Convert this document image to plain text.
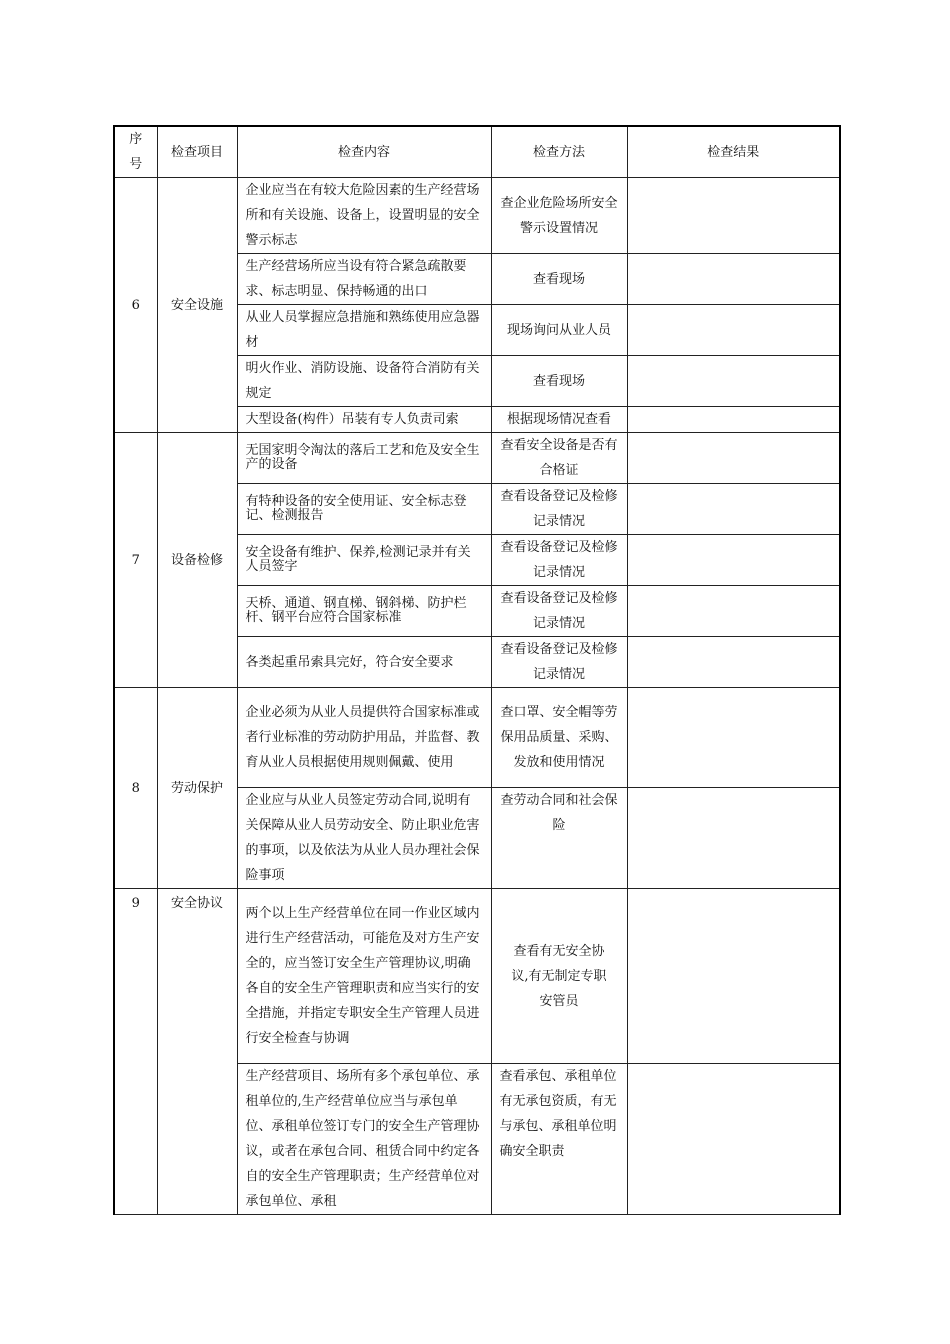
序号	检查项目	检查内容	检查方法	检查结果
6	安全设施	企业应当在有较大危险因素的生产经营场所和有关设施、设备上，设置明显的安全警示标志	查企业危险场所安全警示设置情况	
		生产经营场所应当设有符合紧急疏散要求、标志明显、保持畅通的出口	查看现场	
		从业人员掌握应急措施和熟练使用应急器材	现场询问从业人员	
		明火作业、消防设施、设备符合消防有关规定	查看现场	
		大型设备(构件）吊装有专人负责司索	根据现场情况查看	
7	设备检修	无国家明令淘汰的落后工艺和危及安全生产的设备	查看安全设备是否有合格证	
		有特种设备的安全使用证、安全标志登记、检测报告	查看设备登记及检修记录情况	
		安全设备有维护、保养,检测记录并有关人员签字	查看设备登记及检修记录情况	
		天桥、通道、钢直梯、钢斜梯、防护栏杆、钢平台应符合国家标准	查看设备登记及检修记录情况	
		各类起重吊索具完好，符合安全要求	查看设备登记及检修记录情况	
8	劳动保护	企业必须为从业人员提供符合国家标准或者行业标准的劳动防护用品，并监督、教育从业人员根据使用规则佩戴、使用	查口罩、安全帽等劳保用品质量、采购、发放和使用情况	
		企业应与从业人员签定劳动合同,说明有关保障从业人员劳动安全、防止职业危害的事项，以及依法为从业人员办理社会保险事项	查劳动合同和社会保险	
9	安全协议	两个以上生产经营单位在同一作业区域内进行生产经营活动，可能危及对方生产安全的，应当签订安全生产管理协议,明确各自的安全生产管理职责和应当实行的安全措施，并指定专职安全生产管理人员进行安全检查与协调	查看有无安全协议,有无制定专职安管员	
		生产经营项目、场所有多个承包单位、承租单位的,生产经营单位应当与承包单位、承租单位签订专门的安全生产管理协议，或者在承包合同、租赁合同中约定各自的安全生产管理职责；生产经营单位对承包单位、承租	查看承包、承租单位有无承包资质，有无与承包、承租单位明确安全职责	
